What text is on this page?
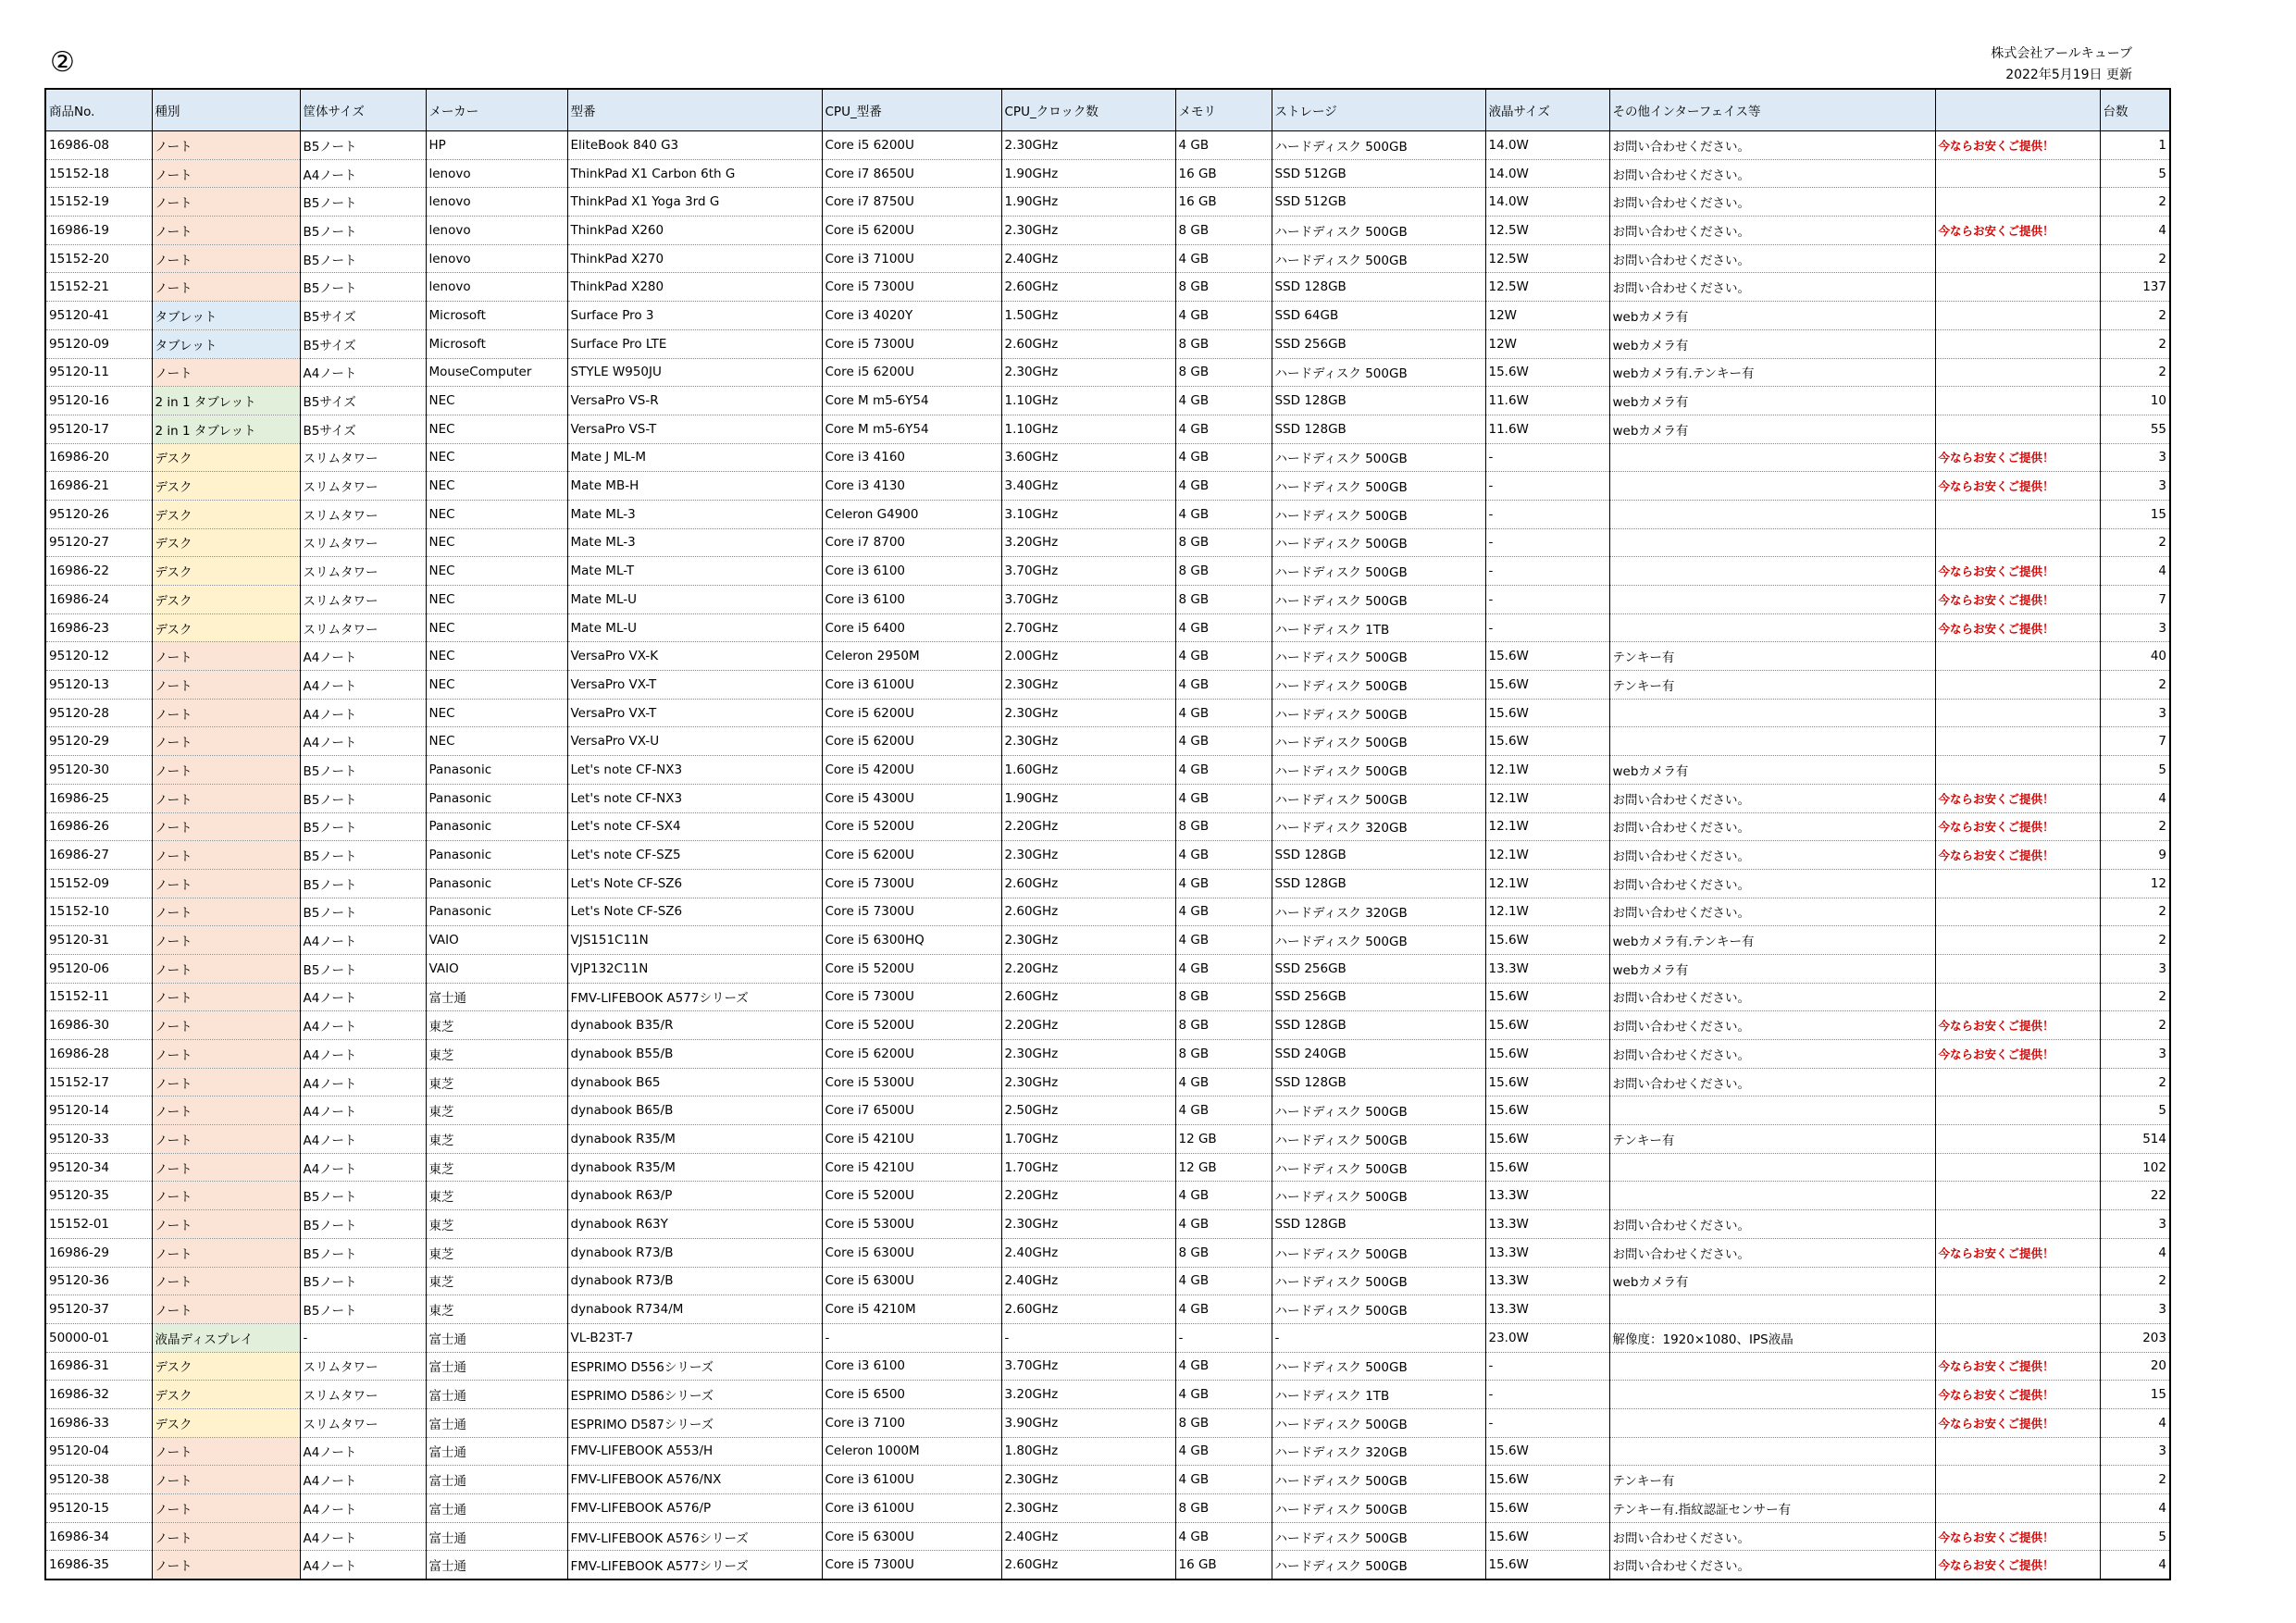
②	株式会社アールキューブ
2022年5月19日 更新
商品No.	種別	筐体サイズ	メーカー	型番	CPU_型番	CPU_クロック数	メモリ	ストレージ	液晶サイズ	その他インターフェイス等		台数
16986-08	ノート	B5ノート	HP	EliteBook 840 G3	Core i5 6200U	2.30GHz	4 GB	ハードディスク 500GB	14.0W	お問い合わせください。	今ならお安くご提供！	1
15152-18	ノート	A4ノート	lenovo	ThinkPad X1 Carbon 6th G	Core i7 8650U	1.90GHz	16 GB	SSD 512GB	14.0W	お問い合わせください。		5
15152-19	ノート	B5ノート	lenovo	ThinkPad X1 Yoga 3rd G	Core i7 8750U	1.90GHz	16 GB	SSD 512GB	14.0W	お問い合わせください。		2
16986-19	ノート	B5ノート	lenovo	ThinkPad X260	Core i5 6200U	2.30GHz	8 GB	ハードディスク 500GB	12.5W	お問い合わせください。	今ならお安くご提供！	4
15152-20	ノート	B5ノート	lenovo	ThinkPad X270	Core i3 7100U	2.40GHz	4 GB	ハードディスク 500GB	12.5W	お問い合わせください。		2
15152-21	ノート	B5ノート	lenovo	ThinkPad X280	Core i5 7300U	2.60GHz	8 GB	SSD 128GB	12.5W	お問い合わせください。		137
95120-41	タブレット	B5サイズ	Microsoft	Surface Pro 3	Core i3 4020Y	1.50GHz	4 GB	SSD 64GB	12W	webカメラ有		2
95120-09	タブレット	B5サイズ	Microsoft	Surface Pro LTE	Core i5 7300U	2.60GHz	8 GB	SSD 256GB	12W	webカメラ有		2
95120-11	ノート	A4ノート	MouseComputer	STYLE W950JU	Core i5 6200U	2.30GHz	8 GB	ハードディスク 500GB	15.6W	webカメラ有.テンキー有		2
95120-16	2 in 1 タブレット	B5サイズ	NEC	VersaPro VS-R	Core M m5-6Y54	1.10GHz	4 GB	SSD 128GB	11.6W	webカメラ有		10
95120-17	2 in 1 タブレット	B5サイズ	NEC	VersaPro VS-T	Core M m5-6Y54	1.10GHz	4 GB	SSD 128GB	11.6W	webカメラ有		55
16986-20	デスク	スリムタワー	NEC	Mate J ML-M	Core i3 4160	3.60GHz	4 GB	ハードディスク 500GB	-		今ならお安くご提供！	3
16986-21	デスク	スリムタワー	NEC	Mate MB-H	Core i3 4130	3.40GHz	4 GB	ハードディスク 500GB	-		今ならお安くご提供！	3
95120-26	デスク	スリムタワー	NEC	Mate ML-3	Celeron G4900	3.10GHz	4 GB	ハードディスク 500GB	-			15
95120-27	デスク	スリムタワー	NEC	Mate ML-3	Core i7 8700	3.20GHz	8 GB	ハードディスク 500GB	-			2
16986-22	デスク	スリムタワー	NEC	Mate ML-T	Core i3 6100	3.70GHz	8 GB	ハードディスク 500GB	-		今ならお安くご提供！	4
16986-24	デスク	スリムタワー	NEC	Mate ML-U	Core i3 6100	3.70GHz	8 GB	ハードディスク 500GB	-		今ならお安くご提供！	7
16986-23	デスク	スリムタワー	NEC	Mate ML-U	Core i5 6400	2.70GHz	4 GB	ハードディスク 1TB	-		今ならお安くご提供！	3
95120-12	ノート	A4ノート	NEC	VersaPro VX-K	Celeron 2950M	2.00GHz	4 GB	ハードディスク 500GB	15.6W	テンキー有		40
95120-13	ノート	A4ノート	NEC	VersaPro VX-T	Core i3 6100U	2.30GHz	4 GB	ハードディスク 500GB	15.6W	テンキー有		2
95120-28	ノート	A4ノート	NEC	VersaPro VX-T	Core i5 6200U	2.30GHz	4 GB	ハードディスク 500GB	15.6W			3
95120-29	ノート	A4ノート	NEC	VersaPro VX-U	Core i5 6200U	2.30GHz	4 GB	ハードディスク 500GB	15.6W			7
95120-30	ノート	B5ノート	Panasonic	Let's note CF-NX3	Core i5 4200U	1.60GHz	4 GB	ハードディスク 500GB	12.1W	webカメラ有		5
16986-25	ノート	B5ノート	Panasonic	Let's note CF-NX3	Core i5 4300U	1.90GHz	4 GB	ハードディスク 500GB	12.1W	お問い合わせください。	今ならお安くご提供！	4
16986-26	ノート	B5ノート	Panasonic	Let's note CF-SX4	Core i5 5200U	2.20GHz	8 GB	ハードディスク 320GB	12.1W	お問い合わせください。	今ならお安くご提供！	2
16986-27	ノート	B5ノート	Panasonic	Let's note CF-SZ5	Core i5 6200U	2.30GHz	4 GB	SSD 128GB	12.1W	お問い合わせください。	今ならお安くご提供！	9
15152-09	ノート	B5ノート	Panasonic	Let's Note CF-SZ6	Core i5 7300U	2.60GHz	4 GB	SSD 128GB	12.1W	お問い合わせください。		12
15152-10	ノート	B5ノート	Panasonic	Let's Note CF-SZ6	Core i5 7300U	2.60GHz	4 GB	ハードディスク 320GB	12.1W	お問い合わせください。		2
95120-31	ノート	A4ノート	VAIO	VJS151C11N	Core i5 6300HQ	2.30GHz	4 GB	ハードディスク 500GB	15.6W	webカメラ有.テンキー有		2
95120-06	ノート	B5ノート	VAIO	VJP132C11N	Core i5 5200U	2.20GHz	4 GB	SSD 256GB	13.3W	webカメラ有		3
15152-11	ノート	A4ノート	富士通	FMV-LIFEBOOK A577シリーズ	Core i5 7300U	2.60GHz	8 GB	SSD 256GB	15.6W	お問い合わせください。		2
16986-30	ノート	A4ノート	東芝	dynabook B35/R	Core i5 5200U	2.20GHz	8 GB	SSD 128GB	15.6W	お問い合わせください。	今ならお安くご提供！	2
16986-28	ノート	A4ノート	東芝	dynabook B55/B	Core i5 6200U	2.30GHz	8 GB	SSD 240GB	15.6W	お問い合わせください。	今ならお安くご提供！	3
15152-17	ノート	A4ノート	東芝	dynabook B65	Core i5 5300U	2.30GHz	4 GB	SSD 128GB	15.6W	お問い合わせください。		2
95120-14	ノート	A4ノート	東芝	dynabook B65/B	Core i7 6500U	2.50GHz	4 GB	ハードディスク 500GB	15.6W			5
95120-33	ノート	A4ノート	東芝	dynabook R35/M	Core i5 4210U	1.70GHz	12 GB	ハードディスク 500GB	15.6W	テンキー有		514
95120-34	ノート	A4ノート	東芝	dynabook R35/M	Core i5 4210U	1.70GHz	12 GB	ハードディスク 500GB	15.6W			102
95120-35	ノート	B5ノート	東芝	dynabook R63/P	Core i5 5200U	2.20GHz	4 GB	ハードディスク 500GB	13.3W			22
15152-01	ノート	B5ノート	東芝	dynabook R63Y	Core i5 5300U	2.30GHz	4 GB	SSD 128GB	13.3W	お問い合わせください。		3
16986-29	ノート	B5ノート	東芝	dynabook R73/B	Core i5 6300U	2.40GHz	8 GB	ハードディスク 500GB	13.3W	お問い合わせください。	今ならお安くご提供！	4
95120-36	ノート	B5ノート	東芝	dynabook R73/B	Core i5 6300U	2.40GHz	4 GB	ハードディスク 500GB	13.3W	webカメラ有		2
95120-37	ノート	B5ノート	東芝	dynabook R734/M	Core i5 4210M	2.60GHz	4 GB	ハードディスク 500GB	13.3W			3
50000-01	液晶ディスプレイ	-	富士通	VL-B23T-7	-	-	-	-	23.0W	解像度：1920×1080、IPS液晶		203
16986-31	デスク	スリムタワー	富士通	ESPRIMO D556シリーズ	Core i3 6100	3.70GHz	4 GB	ハードディスク 500GB	-		今ならお安くご提供！	20
16986-32	デスク	スリムタワー	富士通	ESPRIMO D586シリーズ	Core i5 6500	3.20GHz	4 GB	ハードディスク 1TB	-		今ならお安くご提供！	15
16986-33	デスク	スリムタワー	富士通	ESPRIMO D587シリーズ	Core i3 7100	3.90GHz	8 GB	ハードディスク 500GB	-		今ならお安くご提供！	4
95120-04	ノート	A4ノート	富士通	FMV-LIFEBOOK A553/H	Celeron 1000M	1.80GHz	4 GB	ハードディスク 320GB	15.6W			3
95120-38	ノート	A4ノート	富士通	FMV-LIFEBOOK A576/NX	Core i3 6100U	2.30GHz	4 GB	ハードディスク 500GB	15.6W	テンキー有		2
95120-15	ノート	A4ノート	富士通	FMV-LIFEBOOK A576/P	Core i3 6100U	2.30GHz	8 GB	ハードディスク 500GB	15.6W	テンキー有.指紋認証センサー有		4
16986-34	ノート	A4ノート	富士通	FMV-LIFEBOOK A576シリーズ	Core i5 6300U	2.40GHz	4 GB	ハードディスク 500GB	15.6W	お問い合わせください。	今ならお安くご提供！	5
16986-35	ノート	A4ノート	富士通	FMV-LIFEBOOK A577シリーズ	Core i5 7300U	2.60GHz	16 GB	ハードディスク 500GB	15.6W	お問い合わせください。	今ならお安くご提供！	4
